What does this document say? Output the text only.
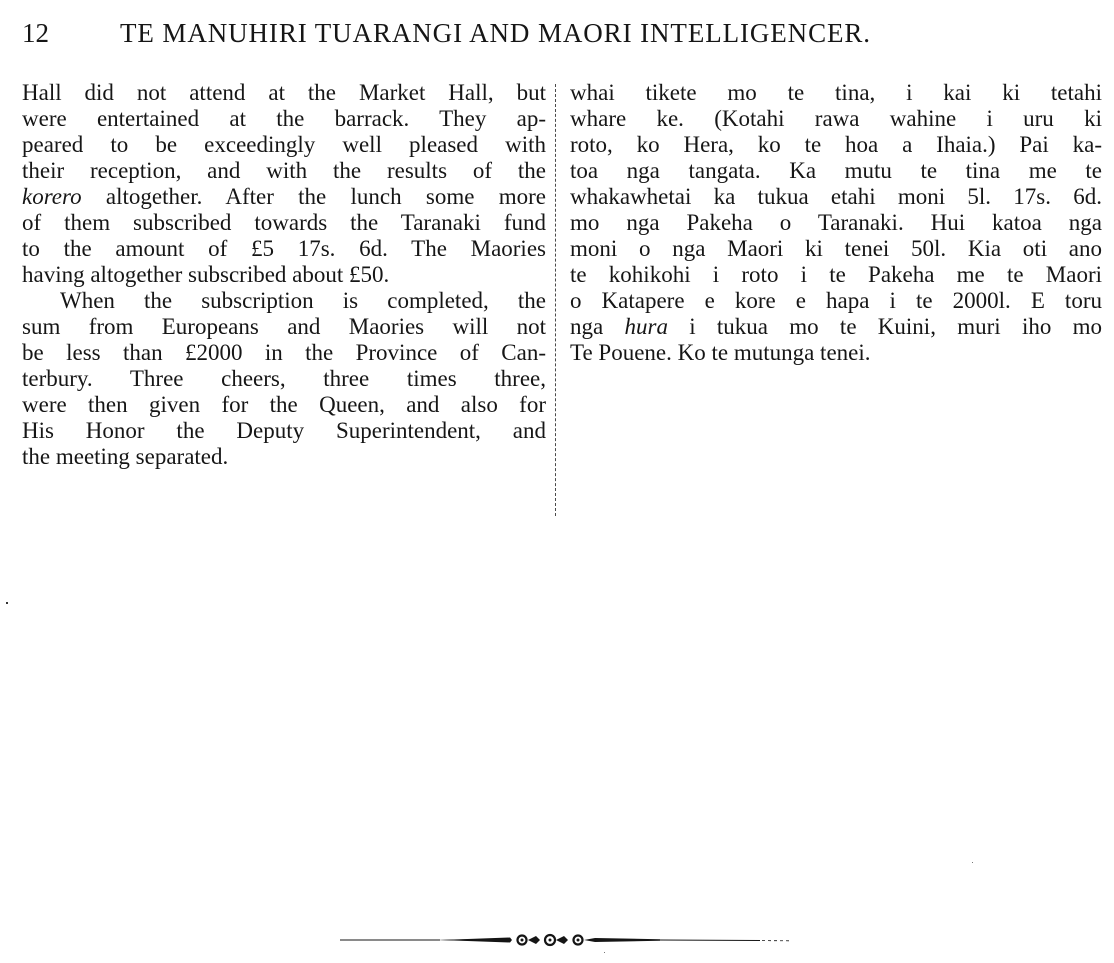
12	TE MANUHIRI TUARANGI AND MAORI INTELLIGENCER.

Hall did not attend at the Market Hall, but
were entertained at the barrack. They ap-
peared to be exceedingly well pleased with
their reception, and with the results of the
korero altogether. After the lunch some more
of them subscribed towards the Taranaki fund
to the amount of £5 17s. 6d. The Maories
having altogether subscribed about £50.

When the subscription is completed, the
sum from Europeans and Maories will not
be less than £2000 in the Province of Can-
terbury. Three cheers, three times three,
were then given for the Queen, and also for
His Honor the Deputy Superintendent, and
the meeting separated.

whai tikete mo te tina, i kai ki tetahi
whare ke. (Kotahi rawa wahine i uru ki
roto, ko Hera, ko te hoa a Ihaia.) Pai ka-
toa nga tangata. Ka mutu te tina me te
whakawhetai ka tukua etahi moni 5l. 17s. 6d.
mo nga Pakeha o Taranaki. Hui katoa nga
moni o nga Maori ki tenei 50l. Kia oti ano
te kohikohi i roto i te Pakeha me te Maori
o Katapere e kore e hapa i te 2000l. E toru
nga hura i tukua mo te Kuini, muri iho mo
Te Pouene. Ko te mutunga tenei.
